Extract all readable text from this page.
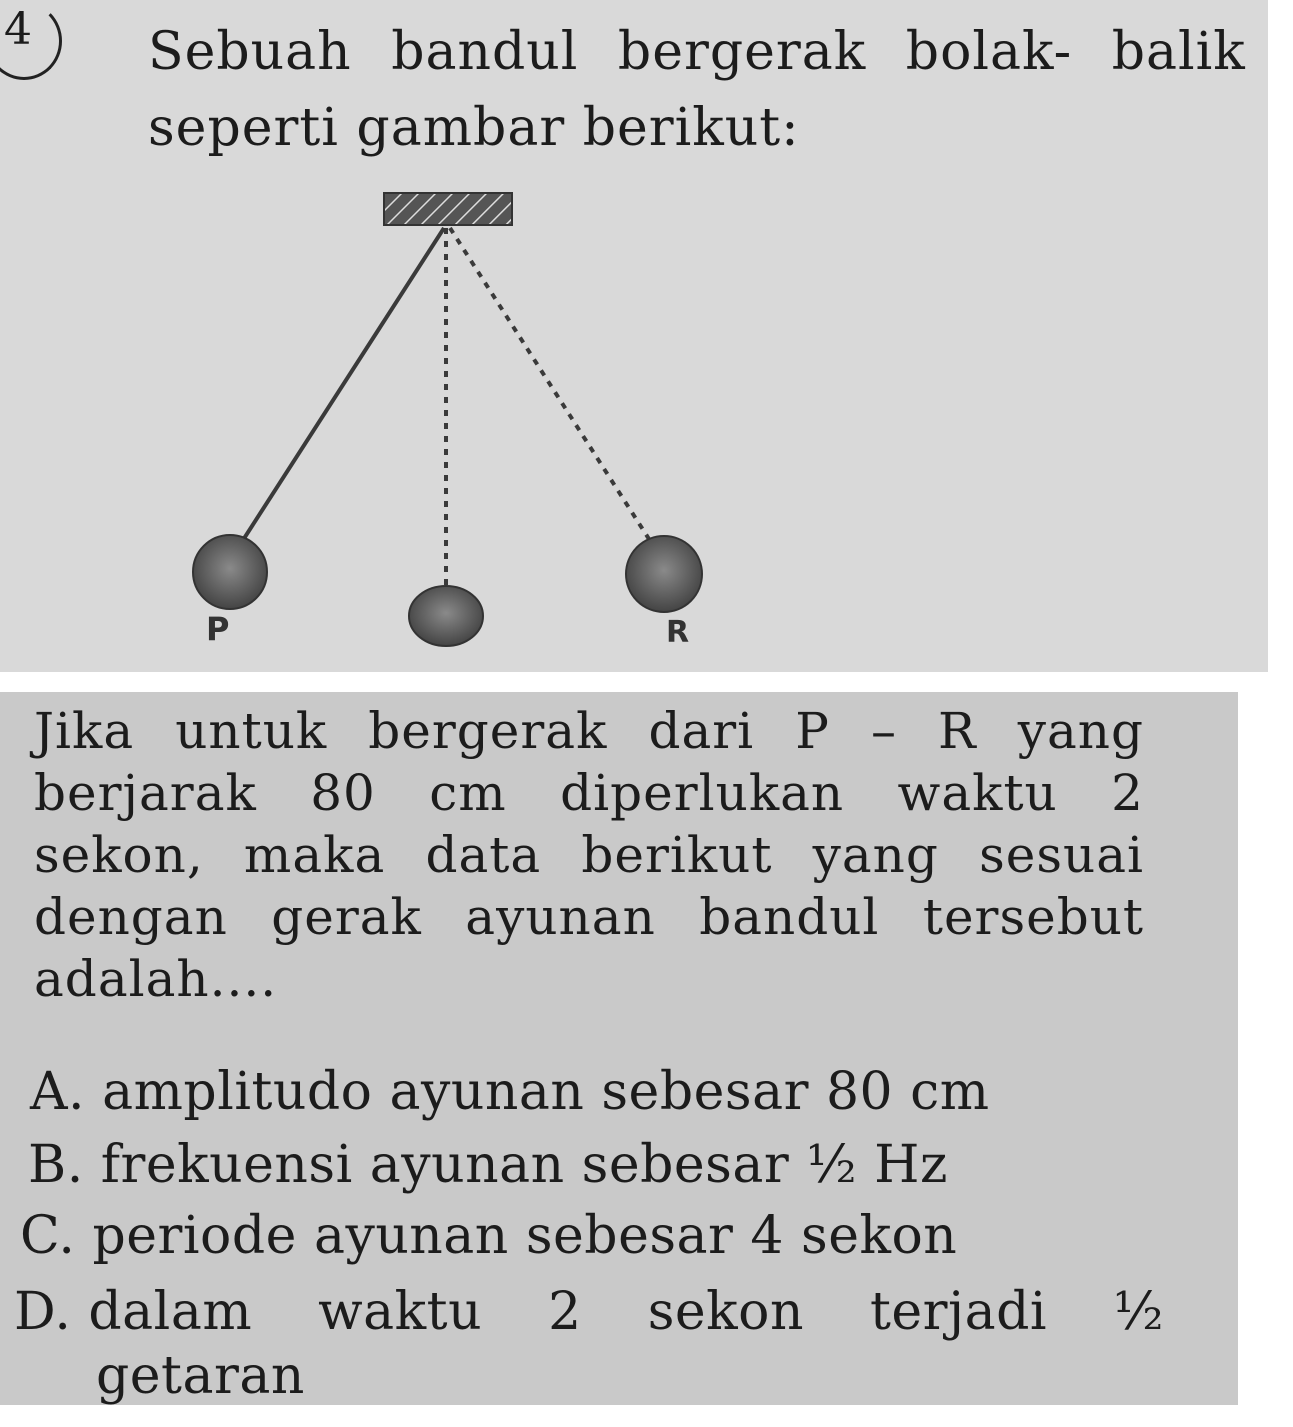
4 Sebuah bandul bergerak bolak- balik
seperti gambar berikut:
P	R
Jika untuk bergerak dari P – R yang
berjarak 80 cm diperlukan waktu 2
sekon, maka data berikut yang sesuai
dengan gerak ayunan bandul tersebut
adalah....
A. amplitudo ayunan sebesar 80 cm
B. frekuensi ayunan sebesar ½ Hz
C. periode ayunan sebesar 4 sekon
D. dalam waktu 2 sekon terjadi ½
getaran
